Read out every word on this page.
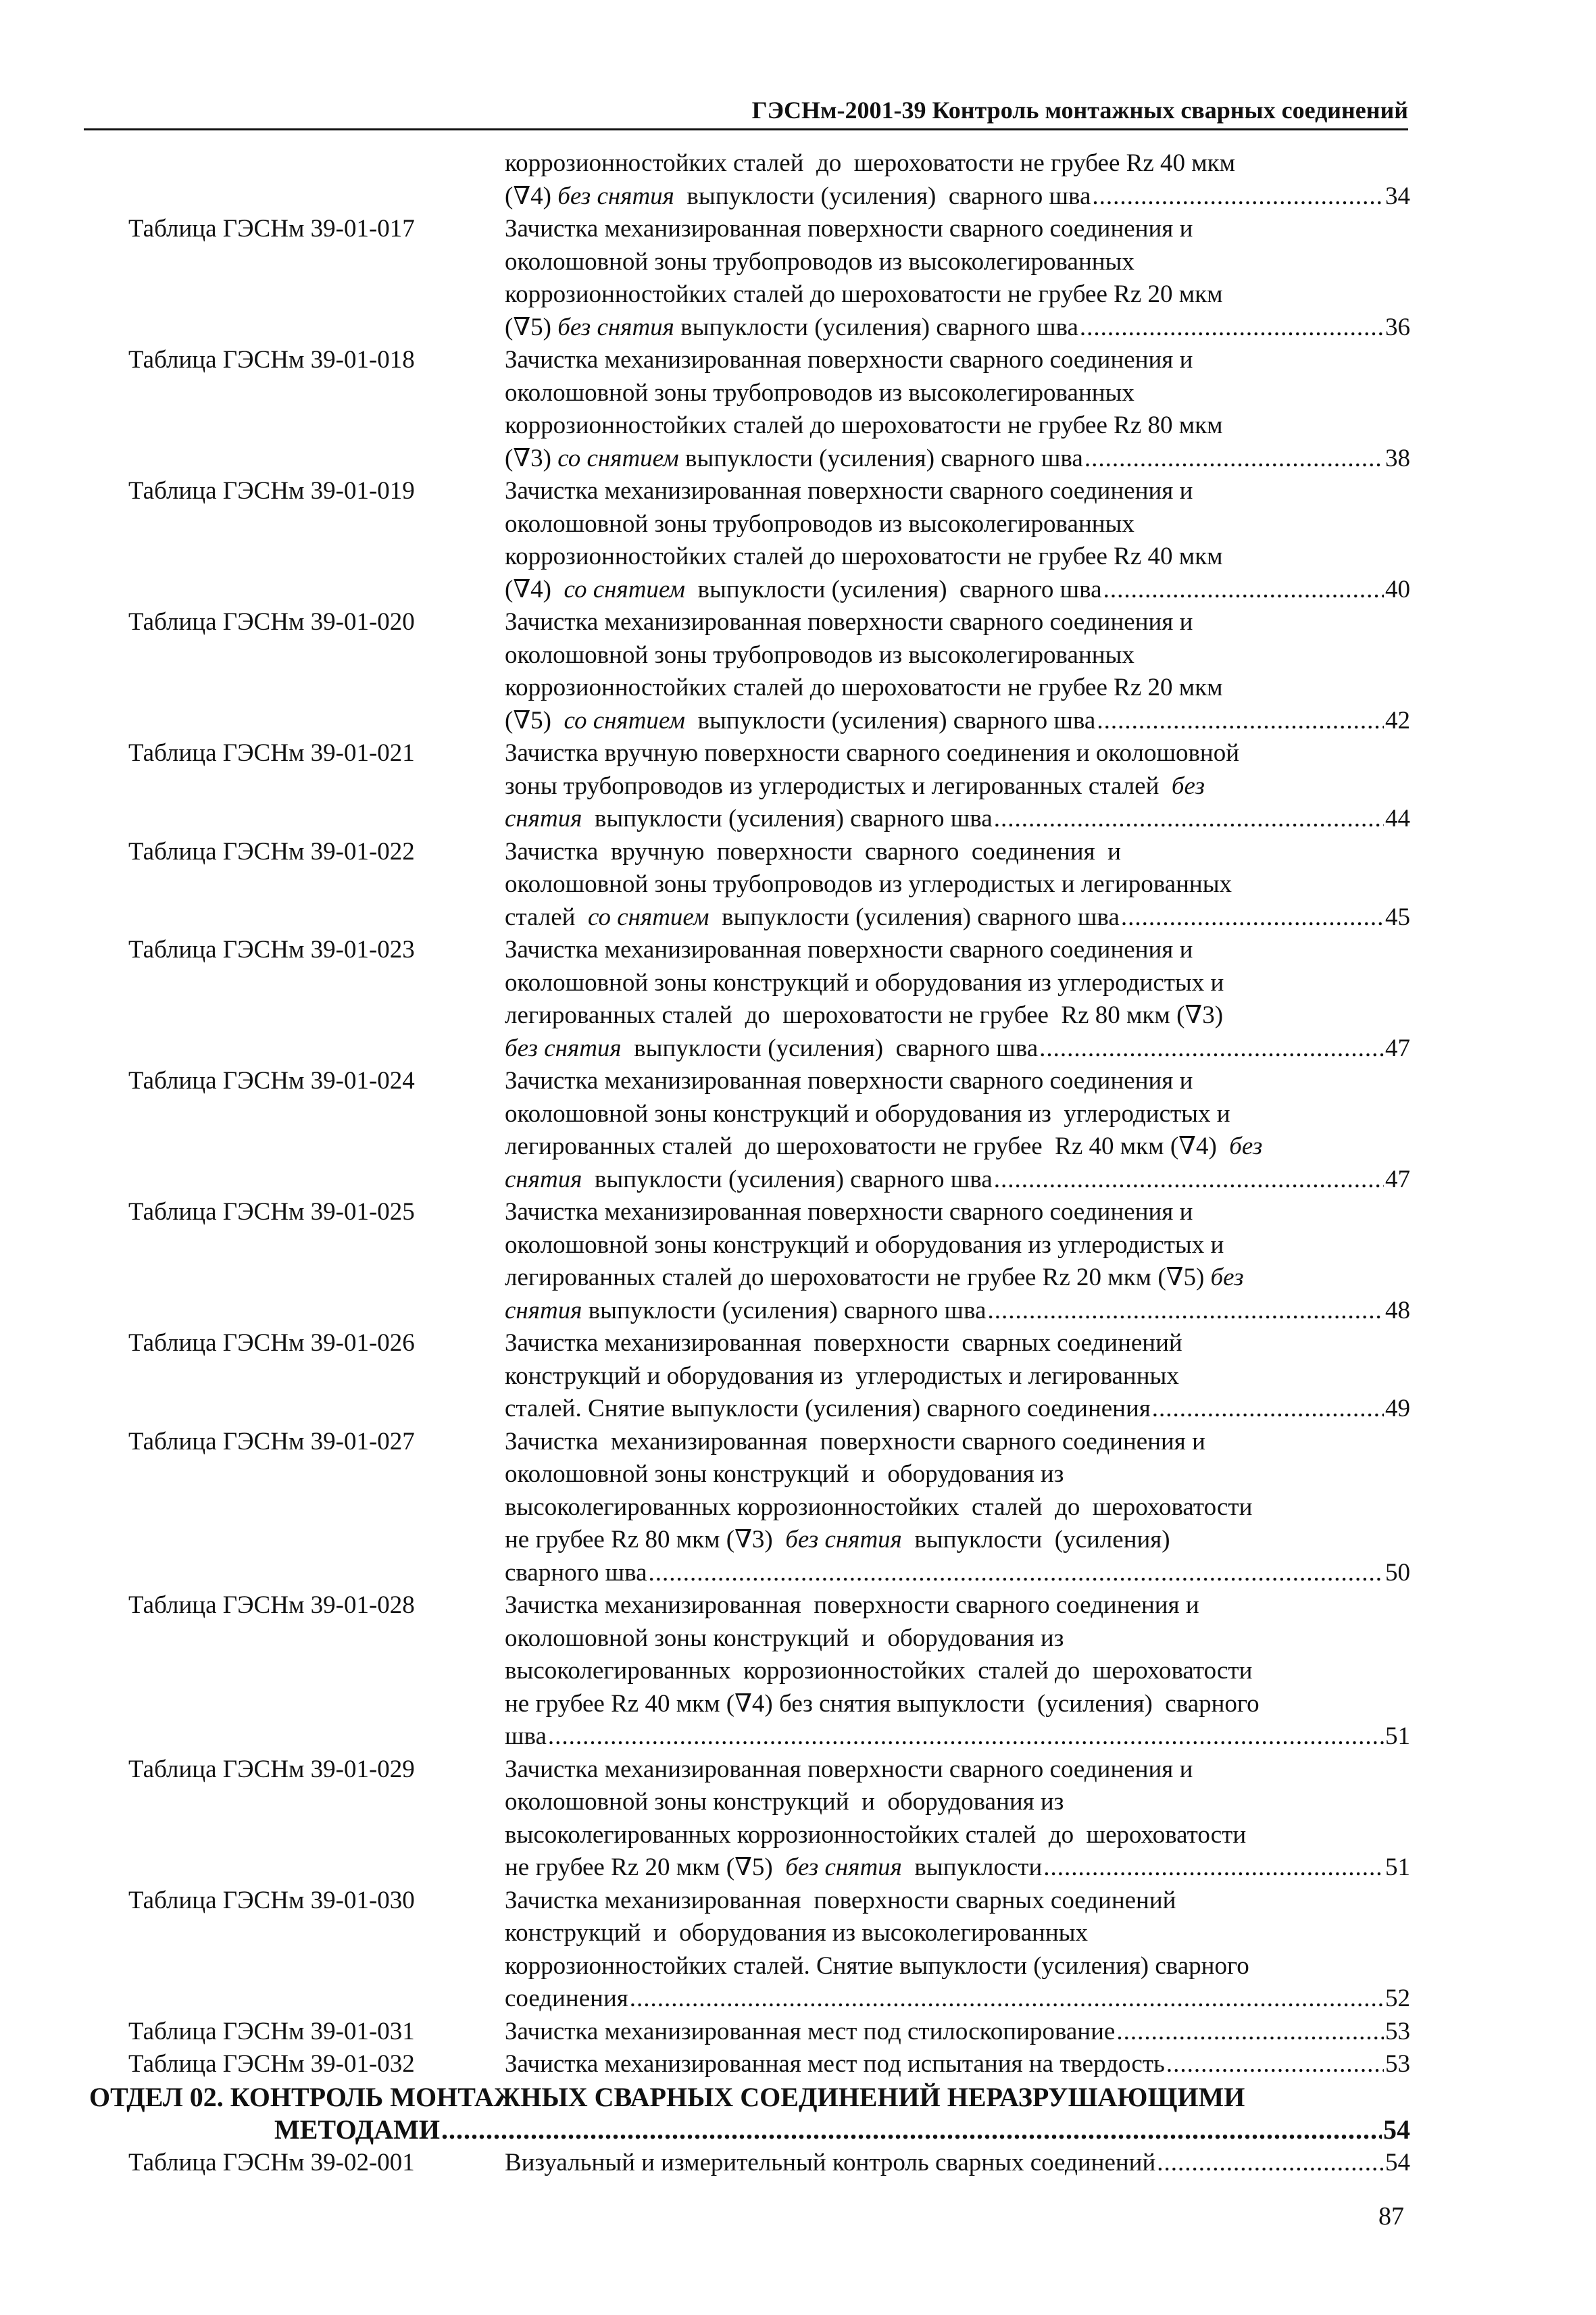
ГЭСНм-2001-39 Контроль монтажных сварных соединений
коррозионностойких сталей  до  шероховатости не грубее Rz 40 мкм
(∇4) без снятия выпуклости (усиления)  сварного шва .....	34
Таблица ГЭСНм 39-01-017	Зачистка механизированная поверхности сварного соединения и
околошовной зоны трубопроводов из высоколегированных
коррозионностойких сталей до шероховатости не грубее Rz 20 мкм
(∇5) без снятия выпуклости (усиления) сварного шва .....	36
Таблица ГЭСНм 39-01-018	Зачистка механизированная поверхности сварного соединения и
околошовной зоны трубопроводов из высоколегированных
коррозионностойких сталей до шероховатости не грубее Rz 80 мкм
(∇3) со снятием выпуклости (усиления) сварного шва .....	38
Таблица ГЭСНм 39-01-019	Зачистка механизированная поверхности сварного соединения и
околошовной зоны трубопроводов из высоколегированных
коррозионностойких сталей до шероховатости не грубее Rz 40 мкм
(∇4) со снятием выпуклости (усиления)  сварного шва .....	40
Таблица ГЭСНм 39-01-020	Зачистка механизированная поверхности сварного соединения и
околошовной зоны трубопроводов из высоколегированных
коррозионностойких сталей до шероховатости не грубее Rz 20 мкм
(∇5) со снятием выпуклости (усиления) сварного шва .....	42
Таблица ГЭСНм 39-01-021	Зачистка вручную поверхности сварного соединения и околошовной
зоны трубопроводов из углеродистых и легированных сталей без
снятия выпуклости (усиления) сварного шва .....	44
Таблица ГЭСНм 39-01-022	Зачистка  вручную  поверхности  сварного  соединения  и
околошовной зоны трубопроводов из углеродистых и легированных
сталей со снятием выпуклости (усиления) сварного шва .....	45
Таблица ГЭСНм 39-01-023	Зачистка механизированная поверхности сварного соединения и
околошовной зоны конструкций и оборудования из углеродистых и
легированных сталей  до  шероховатости не грубее  Rz 80 мкм (∇3)
без снятия выпуклости (усиления)  сварного шва .....	47
Таблица ГЭСНм 39-01-024	Зачистка механизированная поверхности сварного соединения и
околошовной зоны конструкций и оборудования из  углеродистых и
легированных сталей  до шероховатости не грубее  Rz 40 мкм (∇4) без
снятия выпуклости (усиления) сварного шва .....	47
Таблица ГЭСНм 39-01-025	Зачистка механизированная поверхности сварного соединения и
околошовной зоны конструкций и оборудования из углеродистых и
легированных сталей до шероховатости не грубее Rz 20 мкм (∇5) без
снятия выпуклости (усиления) сварного шва .....	48
Таблица ГЭСНм 39-01-026	Зачистка механизированная  поверхности  сварных соединений
конструкций и оборудования из  углеродистых и легированных
сталей. Снятие выпуклости (усиления) сварного соединения .....	49
Таблица ГЭСНм 39-01-027	Зачистка  механизированная  поверхности сварного соединения и
околошовной зоны конструкций  и  оборудования из
высоколегированных коррозионностойких  сталей  до  шероховатости
не грубее Rz 80 мкм (∇3) без снятия выпуклости  (усиления)
сварного шва .....	50
Таблица ГЭСНм 39-01-028	Зачистка механизированная  поверхности сварного соединения и
околошовной зоны конструкций  и  оборудования из
высоколегированных  коррозионностойких  сталей до  шероховатости
не грубее Rz 40 мкм (∇4) без снятия выпуклости  (усиления)  сварного
шва .....	51
Таблица ГЭСНм 39-01-029	Зачистка механизированная поверхности сварного соединения и
околошовной зоны конструкций  и  оборудования из
высоколегированных коррозионностойких сталей  до  шероховатости
не грубее Rz 20 мкм (∇5) без снятия выпуклости .....	51
Таблица ГЭСНм 39-01-030	Зачистка механизированная  поверхности сварных соединений
конструкций  и  оборудования из высоколегированных
коррозионностойких сталей. Снятие выпуклости (усиления) сварного
соединения .....	52
Таблица ГЭСНм 39-01-031	Зачистка механизированная мест под стилоскопирование .....	53
Таблица ГЭСНм 39-01-032	Зачистка механизированная мест под испытания на твердость .....	53
ОТДЕЛ 02. КОНТРОЛЬ МОНТАЖНЫХ СВАРНЫХ СОЕДИНЕНИЙ НЕРАЗРУШАЮЩИМИ
МЕТОДАМИ .....	54
Таблица ГЭСНм 39-02-001	Визуальный и измерительный контроль сварных соединений .....	54
87
